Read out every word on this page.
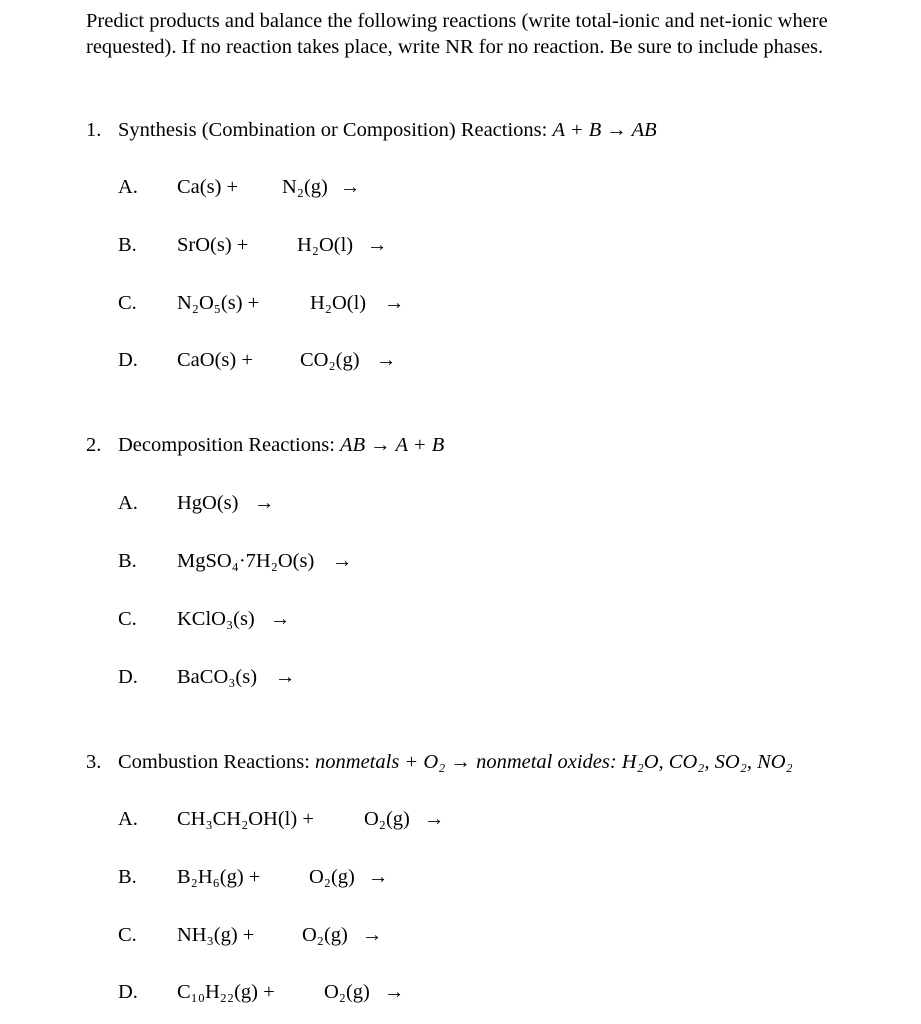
Predict products and balance the following reactions (write total-ionic and net-ionic where requested). If no reaction takes place, write NR for no reaction. Be sure to include phases.
1. Synthesis (Combination or Composition) Reactions: A + B → AB
A. Ca(s) + N₂(g) →
B. SrO(s) + H₂O(l) →
C. N₂O₅(s) + H₂O(l) →
D. CaO(s) + CO₂(g) →
2. Decomposition Reactions: AB → A + B
A. HgO(s) →
B. MgSO₄·7H₂O(s) →
C. KClO₃(s) →
D. BaCO₃(s) →
3. Combustion Reactions: nonmetals + O₂ → nonmetal oxides: H₂O, CO₂, SO₂, NO₂
A. CH₃CH₂OH(l) + O₂(g) →
B. B₂H₆(g) + O₂(g) →
C. NH₃(g) + O₂(g) →
D. C₁₀H₂₂(g) + O₂(g) →
